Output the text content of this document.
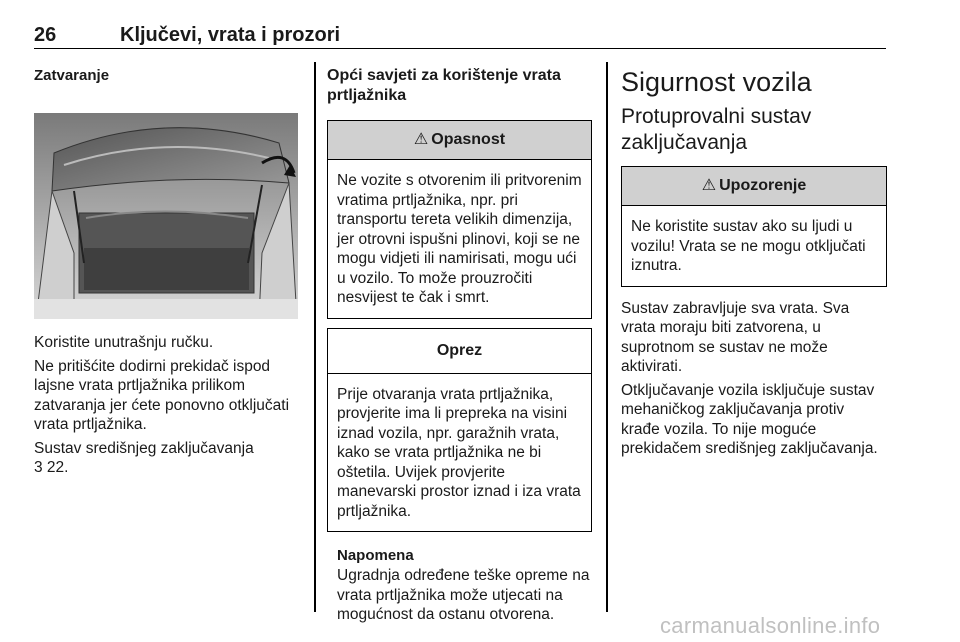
26	Ključevi, vrata i prozori

Zatvaranje

Koristite unutrašnju ručku.

Ne pritišćite dodirni prekidač ispod lajsne vrata prtljažnika prilikom zatvaranja jer ćete ponovno otključati vrata prtljažnika.

Sustav središnjeg zaključavanja

3 22.

Opći savjeti za korištenje vrata prtljažnika

⚠ Opasnost
Ne vozite s otvorenim ili pritvorenim vratima prtljažnika, npr. pri transportu tereta velikih dimenzija, jer otrovni ispušni plinovi, koji se ne mogu vidjeti ili namirisati, mogu ući u vozilo. To može prouzročiti nesvijest te čak i smrt.
Oprez
Prije otvaranja vrata prtljažnika, provjerite ima li prepreka na visini iznad vozila, npr. garažnih vrata, kako se vrata prtljažnika ne bi oštetila. Uvijek provjerite manevarski prostor iznad i iza vrata prtljažnika.

Napomena

Ugradnja određene teške opreme na vrata prtljažnika može utjecati na mogućnost da ostanu otvorena.

Sigurnost vozila
Protuprovalni sustav zaključavanja
⚠ Upozorenje
Ne koristite sustav ako su ljudi u vozilu! Vrata se ne mogu otključati iznutra.

Sustav zabravljuje sva vrata. Sva vrata moraju biti zatvorena, u suprotnom se sustav ne može aktivirati.

Otključavanje vozila isključuje sustav mehaničkog zaključavanja protiv krađe vozila. To nije moguće prekidačem središnjeg zaključavanja.

carmanualsonline.info
